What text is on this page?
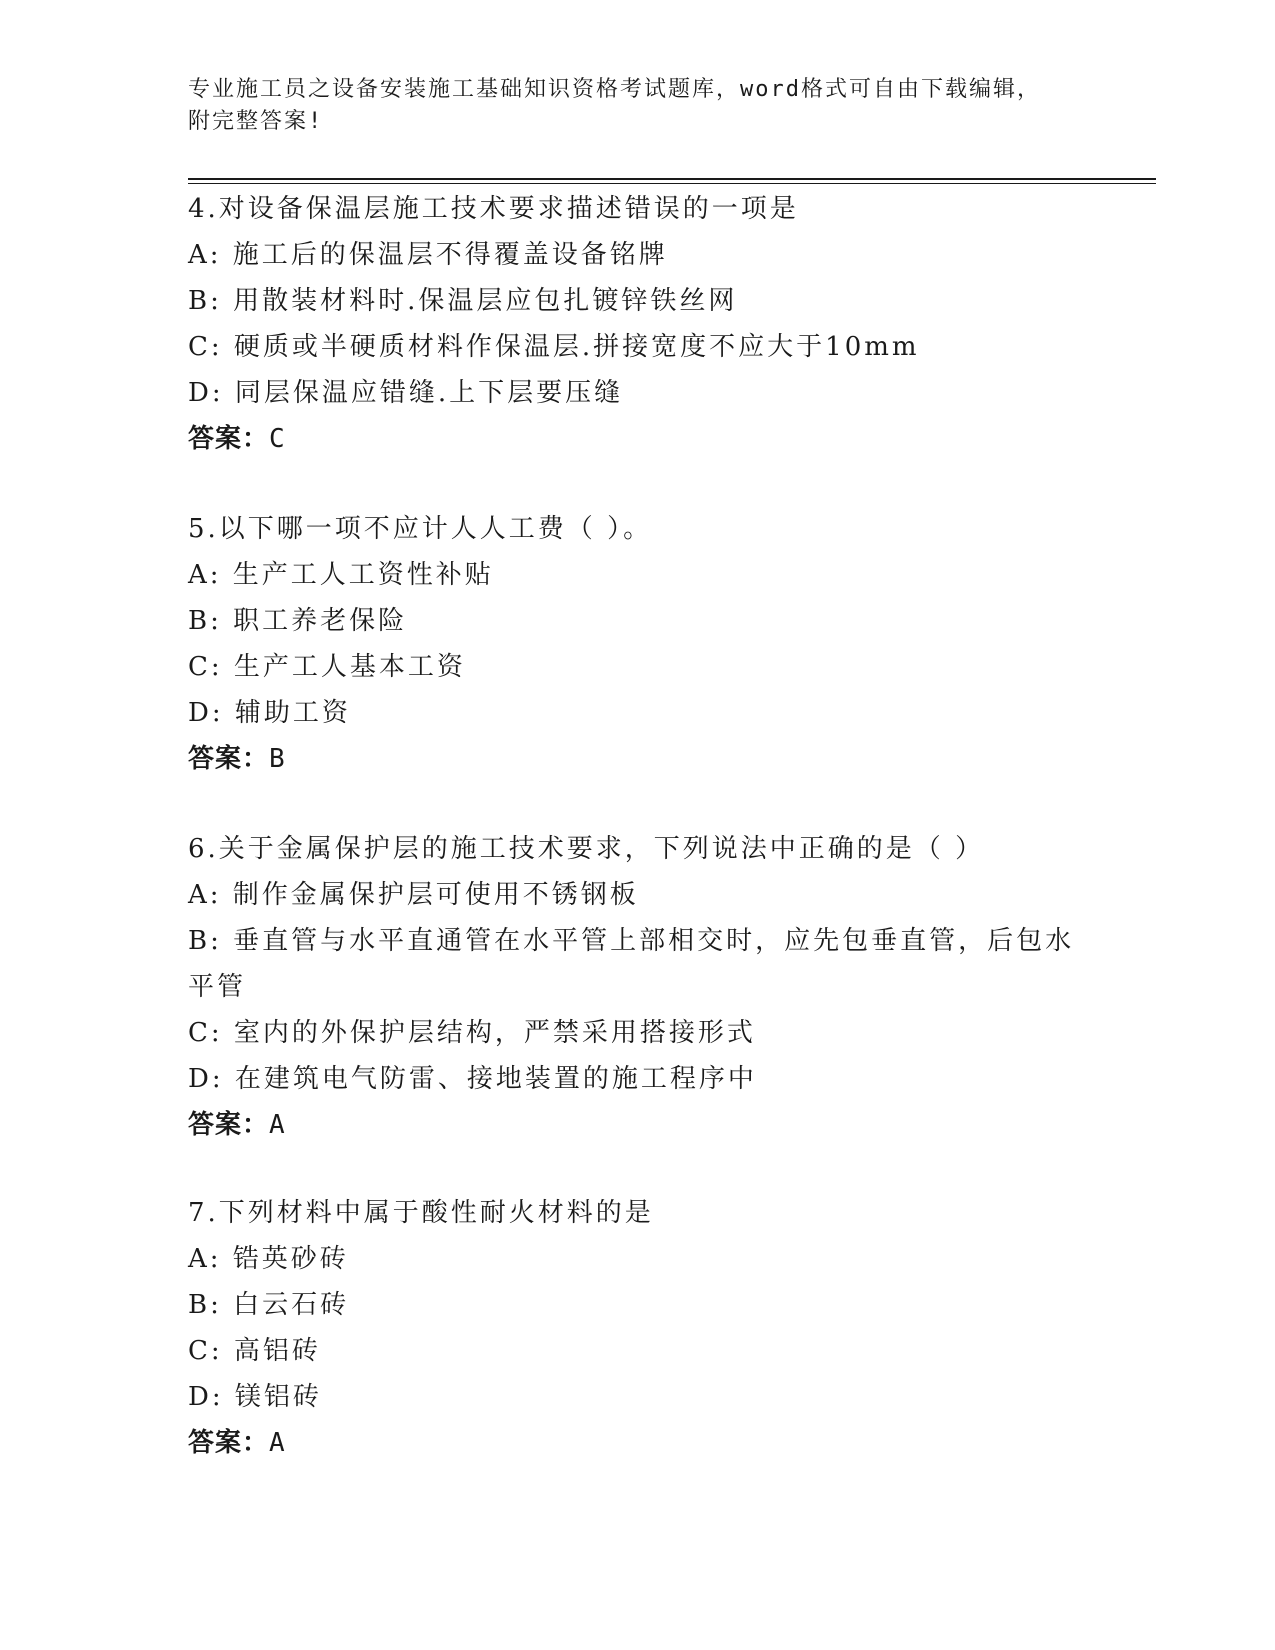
专业施工员之设备安装施工基础知识资格考试题库，word格式可自由下载编辑，
附完整答案!
4.对设备保温层施工技术要求描述错误的一项是
A: 施工后的保温层不得覆盖设备铭牌
B: 用散装材料时.保温层应包扎镀锌铁丝网
C: 硬质或半硬质材料作保温层.拼接宽度不应大于10mm
D: 同层保温应错缝.上下层要压缝
答案：C
5.以下哪一项不应计人人工费（ ）。
A: 生产工人工资性补贴
B: 职工养老保险
C: 生产工人基本工资
D: 辅助工资
答案：B
6.关于金属保护层的施工技术要求，下列说法中正确的是（ ）
A: 制作金属保护层可使用不锈钢板
B: 垂直管与水平直通管在水平管上部相交时，应先包垂直管，后包水平管
C: 室内的外保护层结构，严禁采用搭接形式
D: 在建筑电气防雷、接地装置的施工程序中
答案：A
7.下列材料中属于酸性耐火材料的是
A: 锆英砂砖
B: 白云石砖
C: 高铝砖
D: 镁铝砖
答案：A
